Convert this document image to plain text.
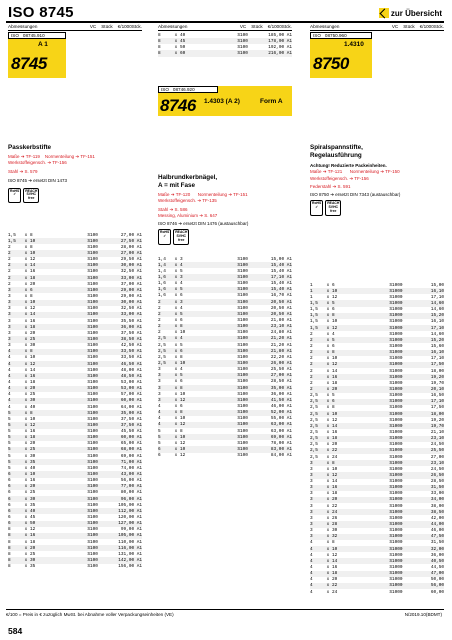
ISO 8745	zur Übersicht
Abmessungen	VC Stück €/1000Stck.
ISO 08745.910
A 1
8745
Abmessungen	VC Stück €/1000Stck.
8	x	40	S	100	185,00 A1
8	x	45	S	100	178,00 A1
8	x	50	S	100	192,00 A1
8	x	60	S	100	216,00 A1
ISO 08746.920
8746 1.4303 (A 2)	Form A
Abmessungen	VC Stück €/1000Stck.
ISO 08750.960
1.4310
8750
Passkerbstifte
Maße ➔ TF-119 Normenteilung ➔ TF-151
Werkstoffeigensch. ➔ TF-156
Stahl ➔ S. 579
ISO 8745 ➔ ersetzt DIN 1473
RoHS
✓
REACH
SVHC
free
Halbrundkerbnägel,
A = mit Fase
Maße ➔ TF-120 Normenteilung ➔ TF-151
Werkstoffeigensch. ➔ TF-135
Stahl ➔ S. 586
Messing, Aluminium ➔ S. 647
ISO 8746 ➔ ersetzt DIN 1476 (austauschbar)
RoHS
✓
REACH
SVHC
free
Spiralspannstifte,
Regelausführung
Achtung! Reduzierte Packeinheiten.
Maße ➔ TF-121 Normenteilung ➔ TF-150
Werkstoffeigensch. ➔ TF-156
Federstahl ➔ S. 591
ISO 8750 ➔ ersetzt DIN 7343 (austauschbar)
RoHS
✓
REACH
SVHC
free
1,5	x	8	S	100	27,00 A1
1,5	x	10	S	100	27,50 A1
2	x	8	S	100	28,00 A1
2	x	10	S	100	27,00 A1
2	x	12	S	100	29,50 A1
2	x	14	S	100	30,00 A1
2	x	16	S	100	32,50 A1
2	x	18	S	100	33,00 A1
2	x	20	S	100	37,00 A1
3	x	6	S	100	29,00 A1
3	x	8	S	100	29,00 A1
3	x	10	S	100	30,00 A1
3	x	12	S	100	32,50 A1
3	x	14	S	100	33,00 A1
3	x	16	S	100	35,50 A1
3	x	18	S	100	36,00 A1
3	x	20	S	100	37,50 A1
3	x	25	S	100	38,50 A1
3	x	30	S	100	42,50 A1
4	x	8	S	100	33,50 A1
4	x	10	S	100	33,50 A1
4	x	12	S	100	46,50 A1
4	x	14	S	100	48,00 A1
4	x	16	S	100	48,50 A1
4	x	18	S	100	53,00 A1
4	x	20	S	100	53,00 A1
4	x	25	S	100	57,00 A1
4	x	30	S	100	60,00 A1
4	x	40	S	100	64,00 A1
5	x	8	S	100	35,00 A1
5	x	10	S	100	37,50 A1
5	x	12	S	100	37,50 A1
5	x	16	S	100	45,50 A1
5	x	18	S	100	60,00 A1
5	x	20	S	100	65,00 A1
5	x	25	S	100	68,00 A1
5	x	30	S	100	69,00 A1
5	x	35	S	100	71,00 A1
5	x	40	S	100	74,00 A1
6	x	10	S	100	43,00 A1
6	x	16	S	100	56,00 A1
6	x	20	S	100	77,00 A1
6	x	25	S	100	80,00 A1
6	x	30	S	100	96,00 A1
6	x	35	S	100	105,00 A1
6	x	40	S	100	112,00 A1
6	x	45	S	100	120,00 A1
6	x	50	S	100	127,00 A1
8	x	12	S	100	99,00 A1
8	x	16	S	100	105,00 A1
8	x	18	S	100	110,00 A1
8	x	20	S	100	116,00 A1
8	x	25	S	100	131,00 A1
8	x	30	S	100	142,00 A1
8	x	35	S	100	156,00 A1
1,4	x	3	S	100	15,00 A1
1,4	x	4	S	100	15,40 A1
1,4	x	5	S	100	15,40 A1
1,6	x	3	S	100	17,10 A1
1,6	x	4	S	100	15,40 A1
1,6	x	5	S	100	15,40 A1
1,6	x	6	S	100	16,70 A1
2	x	3	S	100	20,50 A1
2	x	4	S	100	20,50 A1
2	x	5	S	100	20,50 A1
2	x	6	S	100	21,80 A1
2	x	8	S	100	23,10 A1
2	x	10	S	100	24,80 A1
2,5	x	4	S	100	21,20 A1
2,5	x	5	S	100	21,20 A1
2,5	x	6	S	100	21,80 A1
2,5	x	8	S	100	22,20 A1
2,5	x	10	S	100	26,00 A1
3	x	4	S	100	25,50 A1
3	x	5	S	100	27,00 A1
3	x	6	S	100	28,50 A1
3	x	8	S	100	35,00 A1
3	x	10	S	100	36,00 A1
3	x	12	S	100	41,50 A1
4	x	6	S	100	46,00 A1
4	x	8	S	100	52,00 A1
4	x	10	S	100	55,00 A1
4	x	12	S	100	63,00 A1
5	x	8	S	100	63,00 A1
5	x	10	S	100	69,00 A1
5	x	12	S	100	78,00 A1
6	x	10	S	100	83,00 A1
6	x	12	S	100	84,00 A1
1	x	6	S	1000	15,00
1	x	10	S	1000	16,10
1	x	12	S	1000	17,10
1,5	x	5	S	1000	14,60
1,5	x	6	S	1000	14,60
1,5	x	8	S	1000	15,20
1,5	x	10	S	1000	16,10
1,5	x	12	S	1000	17,10
2	x	4	S	1000	14,60
2	x	5	S	1000	15,20
2	x	6	S	1000	15,60
2	x	8	S	1000	16,10
2	x	10	S	1000	17,10
2	x	12	S	1000	17,50
2	x	14	S	1000	18,00
2	x	16	S	1000	19,20
2	x	18	S	1000	19,70
2	x	20	S	1000	20,10
2,5	x	5	S	1000	16,50
2,5	x	6	S	1000	17,10
2,5	x	8	S	1000	17,50
2,5	x	10	S	1000	18,00
2,5	x	12	S	1000	19,20
2,5	x	14	S	1000	19,70
2,5	x	16	S	1000	21,10
2,5	x	18	S	1000	23,10
2,5	x	20	S	1000	24,50
2,5	x	22	S	1000	25,50
2,5	x	24	S	1000	27,00
3	x	8	S	1000	23,10
3	x	10	S	1000	24,50
3	x	12	S	1000	26,50
3	x	14	S	1000	28,50
3	x	16	S	1000	31,50
3	x	18	S	1000	33,00
3	x	20	S	1000	34,00
3	x	22	S	1000	38,00
3	x	24	S	1000	38,50
3	x	26	S	1000	42,00
3	x	28	S	1000	44,00
3	x	30	S	1000	46,00
3	x	32	S	1000	47,50
4	x	8	S	1000	31,50
4	x	10	S	1000	32,00
4	x	12	S	1000	36,00
4	x	14	S	1000	40,50
4	x	16	S	1000	44,50
4	x	18	S	1000	47,00
4	x	20	S	1000	50,00
4	x	22	S	1000	56,00
4	x	24	S	1000	60,00
€/100 = Preis in € zuzüglich MwSt. bei Abnahme voller Verpackungseinheiten (VE)	N/2019.10(BDMT)
584
